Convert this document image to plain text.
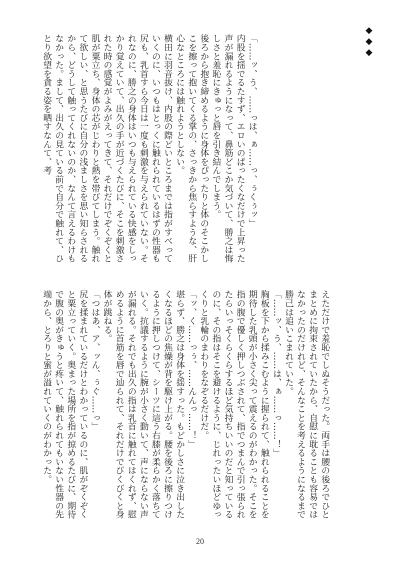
◆◆◆
「……ッ、う、……っは、ぁ……っ、ぅくぅッ」
内股を揺でるたすず、エロいのぱったくなだけで上昇った声が漏れるようになって、鼻筋どこか気づいて、勝之は悔しさと羞恥にきゅっと唇を引き結んでしまう。
後ろから抱き締めるように身体をぴったりと体のそこかしこを擦って抱いてくる掌の、さっきから焦らすような、肝心なところには触れようとしない。
横田に羽音抜け、内股の際どいところまでは指がすべっていくのに、いつもはとっくに触れられているはずの性器も尻も、乳首すら今日は一度も刺激を与えられていない。それなのに、勝之の身体はいつも与えられている快感をしっかり覚えていて、出久の手が近づくたびに、そこを刺激された時の感覚がよみがえってきて、それだけでぞくぞくと肌が粟立ち、身体の芯がじわりと熱を帯びてしまう。触れて欲しい、と思うたびに自分の浅ましさを思い知らされるから、どうして触ってくれないのか、なんて言えるわけもなかった。まして、出久の見ている前で自分で触れて、ひとり欲望を貪る姿を晒すなんて、考
えただけで羞恥でしぬそうだった。両手は腰の後ろでひとまとめに拘束されていたから、自慰に耽ることも容易ではなかったのだけれど、そんなことを考えるようになるまで勝己は追いこまれていた。
「……ッ、う、……は、ぁ……っ……！」
胸板を下から揉みこむように握られて、触れられることを期待した乳頭が小さく尖って震えるのがわかった。そこを指の腹で優しく押しつぶされて、指でつまんで引っ張られたらいっそくらくらするほど気持ちいいのだと知っているのに、その指はそこを避けるように、じれったいほどゆっくりと乳輪のまわりをなぞるだけだ。
「ッ、く……っぅ、……んんっ……！」
堪らず、勝之は身体を揺すった。もどかしさに泣き出したくなるほどの焦燥が背を駆け上がる。腰を後ろに擦りつけるように押しつけて、シーツに這う右膝が柔らかく落ちていく。抗議するように腕が小さく動いて、声にならない声が漏れる。それでも出久の指は乳首に触れてはくれず、慰めるように首筋を唇で辿られて、それだけでびくびくと身体が跳ねる。
「つはあ、ア、ッん、ぅぐ……っ」
尻を揉まれているだけとわかっているのに、肌がぞくぞくと粟立っていく。奥まった場所を指が掠めるたびに、期待で腹の奥がきゅうと疼いて、触れられてもいない性器の先端から、とろりと蜜が溢れていくのがわかった。
20
